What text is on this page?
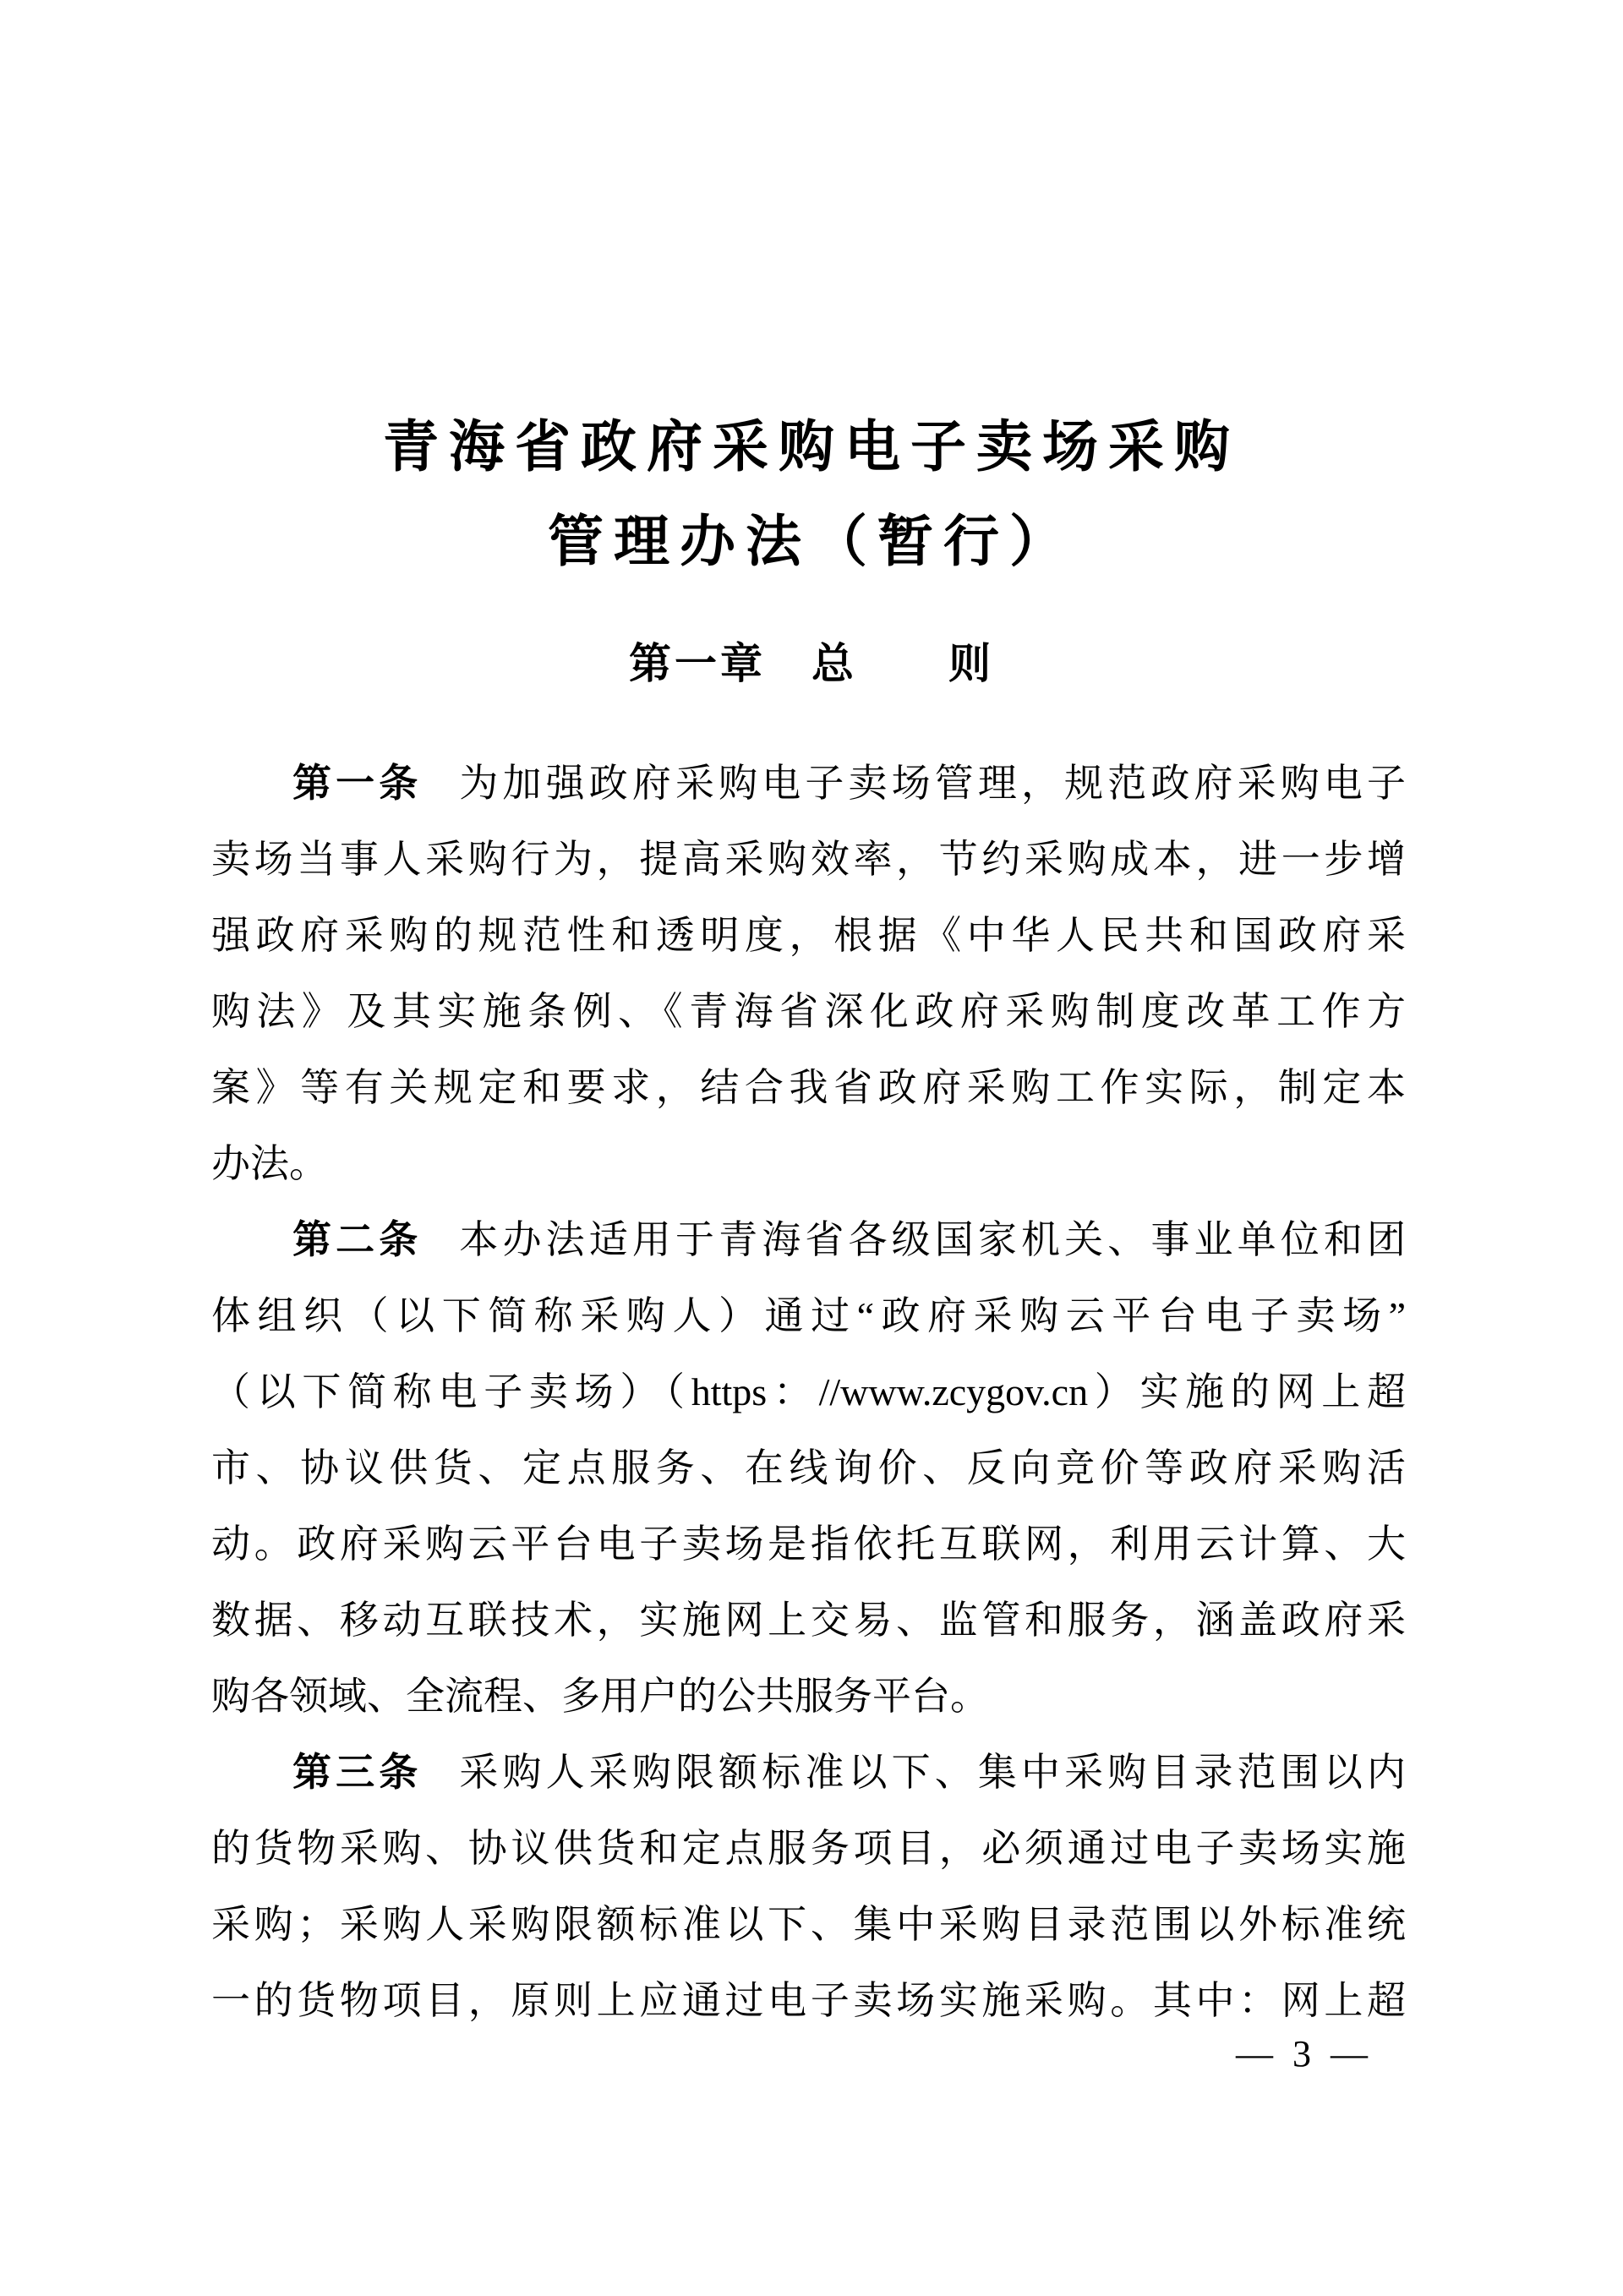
青海省政府采购电子卖场采购
管理办法（暂行）
第一章　总　　则
第一条 为加强政府采购电子卖场管理，规范政府采购电子
卖场当事人采购行为，提高采购效率，节约采购成本，进一步增
强政府采购的规范性和透明度，根据《中华人民共和国政府采
购法》及其实施条例、《青海省深化政府采购制度改革工作方
案》等有关规定和要求，结合我省政府采购工作实际，制定本
办法。
第二条 本办法适用于青海省各级国家机关、事业单位和团
体组织（以下简称采购人）通过“政府采购云平台电子卖场”
（以下简称电子卖场）（https：//www.zcygov.cn）实施的网上超
市、协议供货、定点服务、在线询价、反向竞价等政府采购活
动。政府采购云平台电子卖场是指依托互联网，利用云计算、大
数据、移动互联技术，实施网上交易、监管和服务，涵盖政府采
购各领域、全流程、多用户的公共服务平台。
第三条 采购人采购限额标准以下、集中采购目录范围以内
的货物采购、协议供货和定点服务项目，必须通过电子卖场实施
采购；采购人采购限额标准以下、集中采购目录范围以外标准统
一的货物项目，原则上应通过电子卖场实施采购。其中：网上超
— 3 —
